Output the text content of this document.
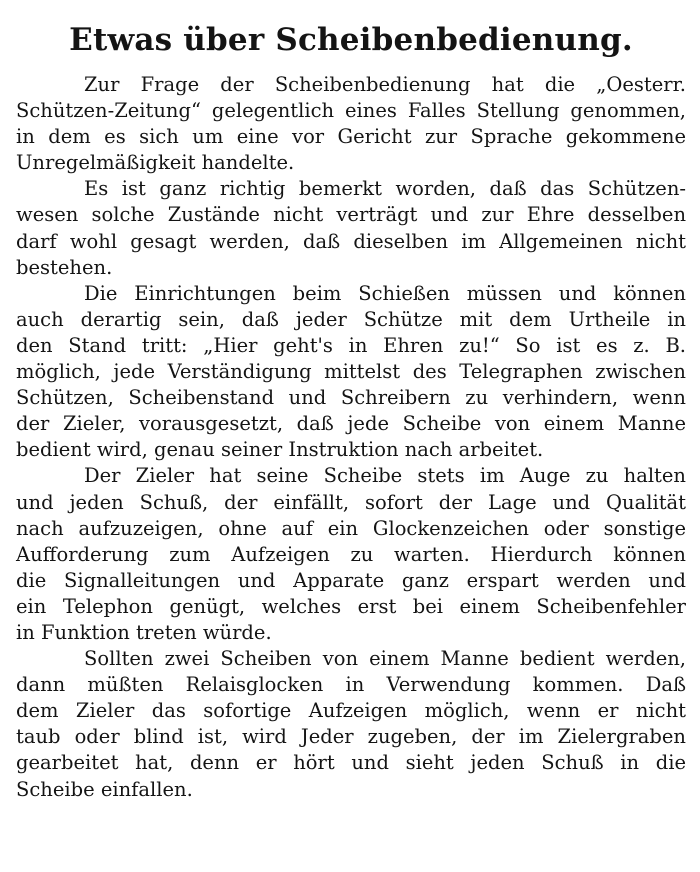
Etwas über Scheibenbedienung.
Zur Frage der Scheibenbedienung hat die „Oesterr.
Schützen-Zeitung“ gelegentlich eines Falles Stellung genommen,
in dem es sich um eine vor Gericht zur Sprache gekommene
Unregelmäßigkeit handelte.
Es ist ganz richtig bemerkt worden, daß das Schützen-
wesen solche Zustände nicht verträgt und zur Ehre desselben
darf wohl gesagt werden, daß dieselben im Allgemeinen nicht
bestehen.
Die Einrichtungen beim Schießen müssen und können
auch derartig sein, daß jeder Schütze mit dem Urtheile in
den Stand tritt: „Hier geht's in Ehren zu!“ So ist es z. B.
möglich, jede Verständigung mittelst des Telegraphen zwischen
Schützen, Scheibenstand und Schreibern zu verhindern, wenn
der Zieler, vorausgesetzt, daß jede Scheibe von einem Manne
bedient wird, genau seiner Instruktion nach arbeitet.
Der Zieler hat seine Scheibe stets im Auge zu halten
und jeden Schuß, der einfällt, sofort der Lage und Qualität
nach aufzuzeigen, ohne auf ein Glockenzeichen oder sonstige
Aufforderung zum Aufzeigen zu warten. Hierdurch können
die Signalleitungen und Apparate ganz erspart werden und
ein Telephon genügt, welches erst bei einem Scheibenfehler
in Funktion treten würde.
Sollten zwei Scheiben von einem Manne bedient werden,
dann müßten Relaisglocken in Verwendung kommen. Daß
dem Zieler das sofortige Aufzeigen möglich, wenn er nicht
taub oder blind ist, wird Jeder zugeben, der im Zielergraben
gearbeitet hat, denn er hört und sieht jeden Schuß in die
Scheibe einfallen.
